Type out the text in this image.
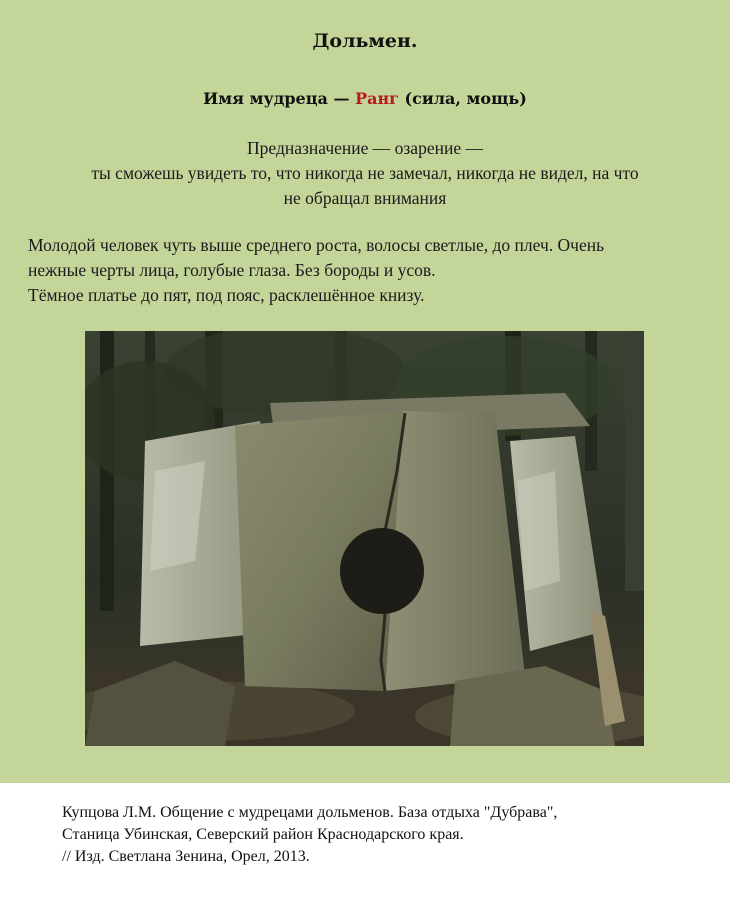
Дольмен.
Имя мудреца — Ранг (сила, мощь)
Предназначение — озарение —
ты сможешь увидеть то, что никогда не замечал, никогда не видел, на что
не обращал внимания
Молодой человек чуть выше среднего роста, волосы светлые, до плеч. Очень
нежные черты лица, голубые глаза. Без бороды и усов.
Тёмное платье до пят, под пояс, расклешённое книзу.
Купцова Л.М. Общение с мудрецами дольменов. База отдыха "Дубрава",
Станица Убинская, Северский район Краснодарского края.
// Изд. Светлана Зенина, Орел, 2013.
